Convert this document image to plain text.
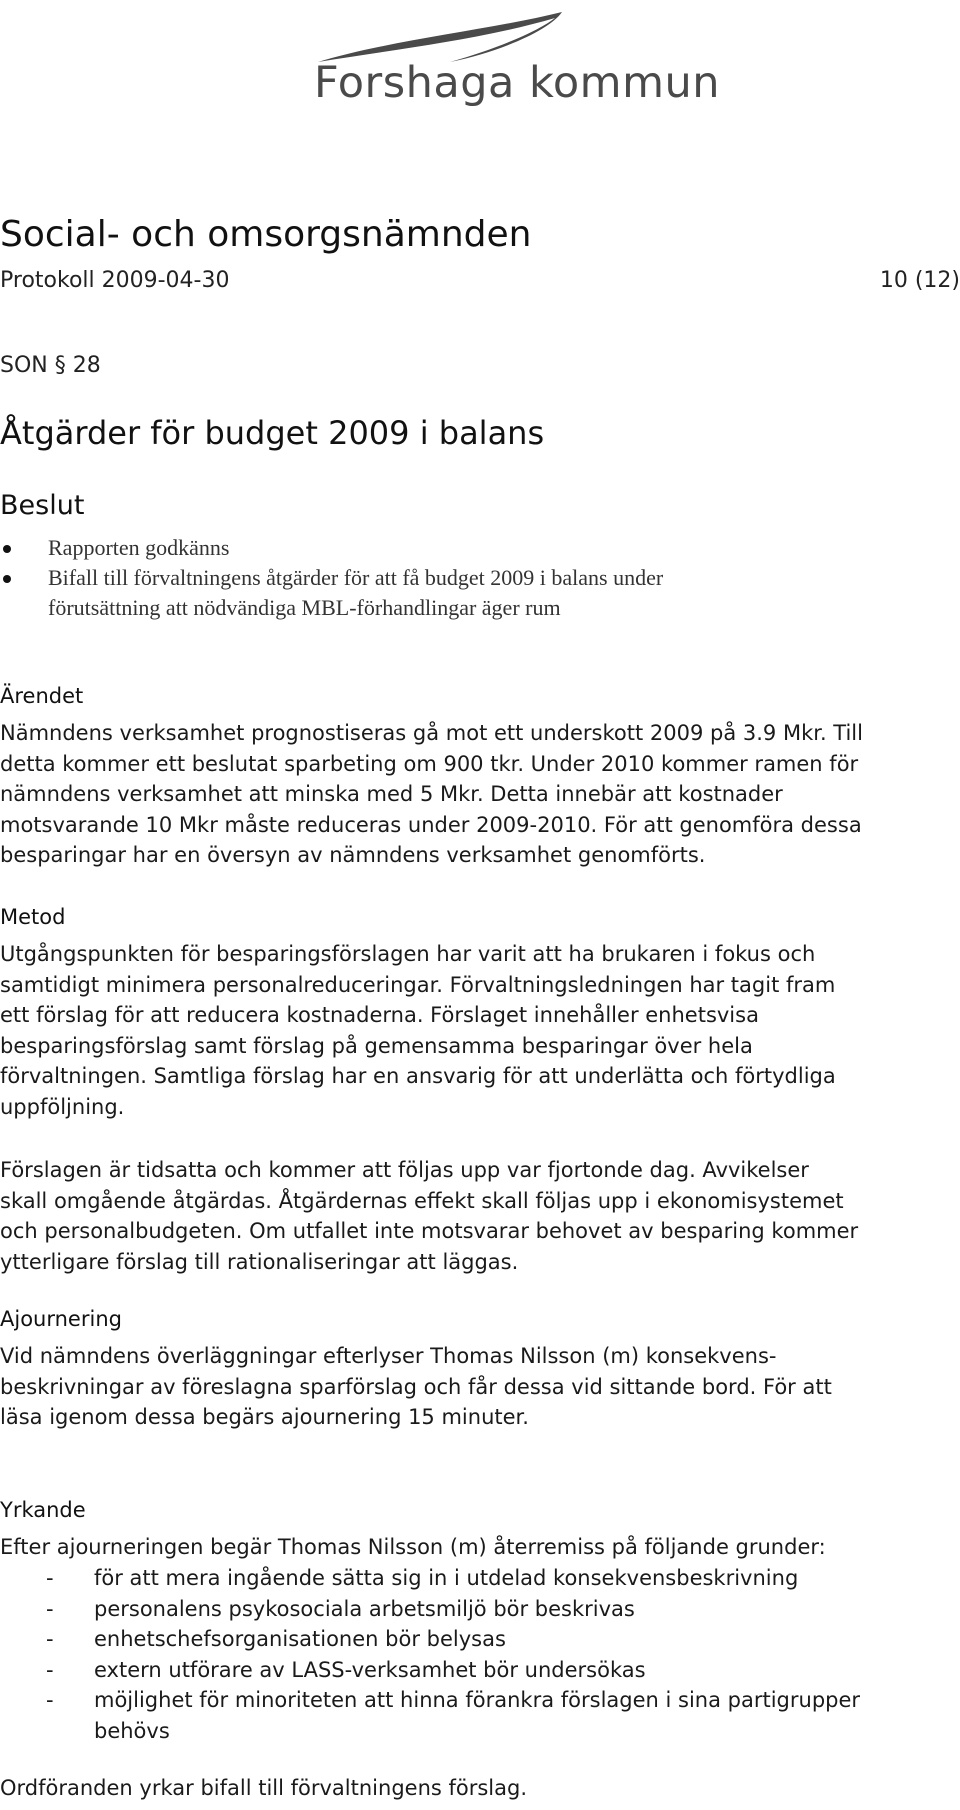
Forshaga kommun
Social- och omsorgsnämnden
Protokoll 2009-04-30	10 (12)
SON § 28
Åtgärder för budget 2009 i balans
Beslut
Rapporten godkänns
Bifall till förvaltningens åtgärder för att få budget 2009 i balans under
förutsättning att nödvändiga MBL-förhandlingar äger rum
Ärendet
Nämndens verksamhet prognostiseras gå mot ett underskott 2009 på 3.9 Mkr. Till
detta kommer ett beslutat sparbeting om 900 tkr. Under 2010 kommer ramen för
nämndens verksamhet att minska med 5 Mkr. Detta innebär att kostnader
motsvarande 10 Mkr måste reduceras under 2009-2010. För att genomföra dessa
besparingar har en översyn av nämndens verksamhet genomförts.
Metod
Utgångspunkten för besparingsförslagen har varit att ha brukaren i fokus och
samtidigt minimera personalreduceringar. Förvaltningsledningen har tagit fram
ett förslag för att reducera kostnaderna. Förslaget innehåller enhetsvisa
besparingsförslag samt förslag på gemensamma besparingar över hela
förvaltningen. Samtliga förslag har en ansvarig för att underlätta och förtydliga
uppföljning.
Förslagen är tidsatta och kommer att följas upp var fjortonde dag. Avvikelser
skall omgående åtgärdas. Åtgärdernas effekt skall följas upp i ekonomisystemet
och personalbudgeten. Om utfallet inte motsvarar behovet av besparing kommer
ytterligare förslag till rationaliseringar att läggas.
Ajournering
Vid nämndens överläggningar efterlyser Thomas Nilsson (m) konsekvens-
beskrivningar av föreslagna sparförslag och får dessa vid sittande bord. För att
läsa igenom dessa begärs ajournering 15 minuter.
Yrkande
Efter ajourneringen begär Thomas Nilsson (m) återremiss på följande grunder:
- för att mera ingående sätta sig in i utdelad konsekvensbeskrivning
- personalens psykosociala arbetsmiljö bör beskrivas
- enhetschefsorganisationen bör belysas
- extern utförare av LASS-verksamhet bör undersökas
- möjlighet för minoriteten att hinna förankra förslagen i sina partigrupper
behövs
Ordföranden yrkar bifall till förvaltningens förslag.
